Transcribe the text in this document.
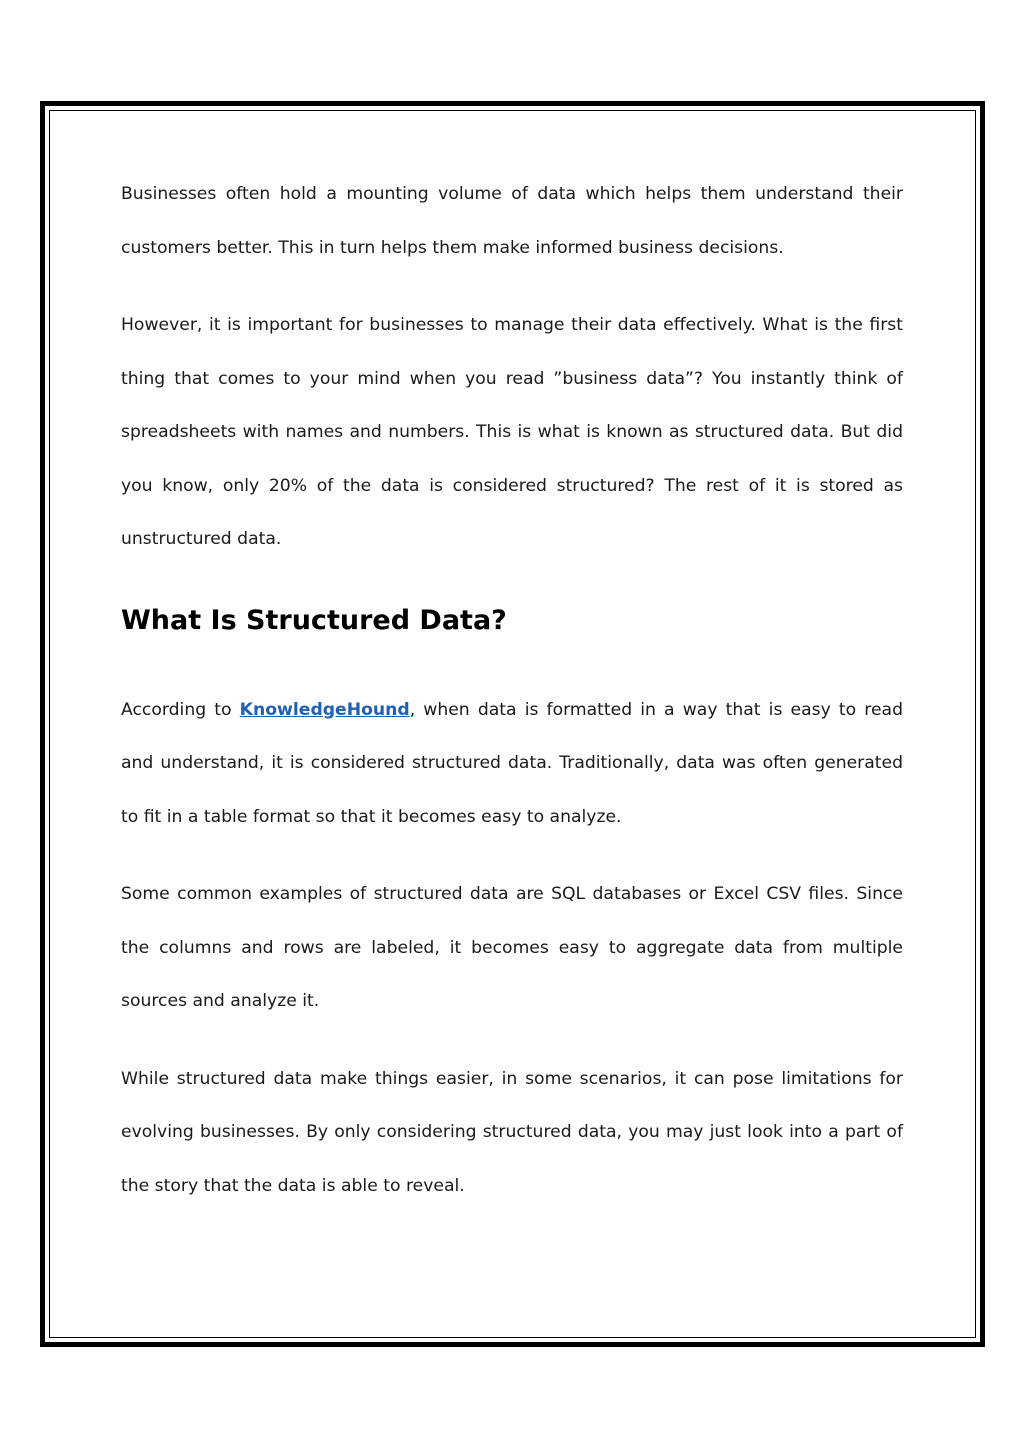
Businesses often hold a mounting volume of data which helps them understand their customers better. This in turn helps them make informed business decisions.

However, it is important for businesses to manage their data effectively. What is the first thing that comes to your mind when you read ”business data”? You instantly think of spreadsheets with names and numbers. This is what is known as structured data. But did you know, only 20% of the data is considered structured? The rest of it is stored as unstructured data.

What Is Structured Data?

According to KnowledgeHound, when data is formatted in a way that is easy to read and understand, it is considered structured data. Traditionally, data was often generated to fit in a table format so that it becomes easy to analyze.

Some common examples of structured data are SQL databases or Excel CSV files. Since the columns and rows are labeled, it becomes easy to aggregate data from multiple sources and analyze it.

While structured data make things easier, in some scenarios, it can pose limitations for evolving businesses. By only considering structured data, you may just look into a part of the story that the data is able to reveal.
